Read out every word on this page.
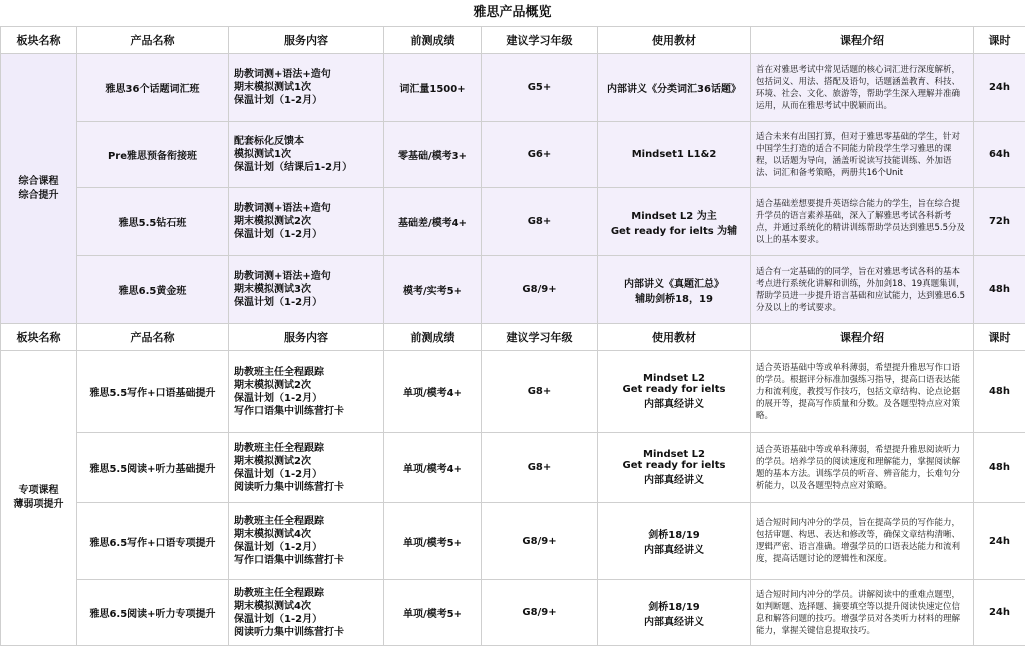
雅思产品概览
板块名称	产品名称	服务内容	前测成绩	建议学习年级	使用教材	课程介绍	课时

综合课程
综合提升	雅思36个话题词汇班	助教词测+语法+造句
期末模拟测试1次
保温计划（1-2月）	词汇量1500+	G5+	内部讲义《分类词汇36话题》	首在对雅思考试中常见话题的核心词汇进行深度解析，包括词义、用法、搭配及语句，话题涵盖教育、科技、环境、社会、文化、旅游等，帮助学生深入理解并准确运用，从而在雅思考试中脱颖而出。	24h
	Pre雅思预备衔接班	配套标化反馈本
模拟测试1次
保温计划（结课后1-2月）	零基础/模考3+	G6+	Mindset1 L1&2	适合未来有出国打算，但对于雅思零基础的学生，针对中国学生打造的适合不同能力阶段学生学习雅思的课程，以话题为导向，涵盖听说读写技能训练、外加语法、词汇和备考策略，两册共16个Unit	64h
	雅思5.5钻石班	助教词测+语法+造句
期末模拟测试2次
保温计划（1-2月）	基础差/模考4+	G8+	Mindset L2 为主
Get ready for ielts 为辅	适合基础差想要提升英语综合能力的学生，旨在综合提升学员的语言素养基础，深入了解雅思考试各科新考点，并通过系统化的精讲训练帮助学员达到雅思5.5分及以上的基本要求。	72h
	雅思6.5黄金班	助教词测+语法+造句
期末模拟测试3次
保温计划（1-2月）	模考/实考5+	G8/9+	内部讲义《真题汇总》
辅助剑桥18，19	适合有一定基础的的同学，旨在对雅思考试各科的基本考点进行系统化讲解和训练，外加剑18、19真题集训，帮助学员进一步提升语言基础和应试能力，达到雅思6.5分及以上的考试要求。	48h
板块名称	产品名称	服务内容	前测成绩	建议学习年级	使用教材	课程介绍	课时

专项课程
薄弱项提升	雅思5.5写作+口语基础提升	助教班主任全程跟踪
期末模拟测试2次
保温计划（1-2月）
写作口语集中训练营打卡	单项/模考4+	G8+	Mindset L2
Get ready for ielts
内部真经讲义	适合英语基础中等或单科薄弱，希望提升雅思写作口语的学员。根据评分标准加强练习指导，提高口语表达能力和流利度，教授写作技巧，包括文章结构、论点论据的展开等，提高写作质量和分数。及各题型特点应对策略。	48h
	雅思5.5阅读+听力基础提升	助教班主任全程跟踪
期末模拟测试2次
保温计划（1-2月）
阅读听力集中训练营打卡	单项/模考4+	G8+	Mindset L2
Get ready for ielts
内部真经讲义	适合英语基础中等或单科薄弱，希望提升雅思阅读听力的学员。培养学员的阅读速度和理解能力，掌握阅读解题的基本方法。训练学员的听音、辨音能力，长难句分析能力，以及各题型特点应对策略。	48h
	雅思6.5写作+口语专项提升	助教班主任全程跟踪
期末模拟测试4次
保温计划（1-2月）
写作口语集中训练营打卡	单项/模考5+	G8/9+	剑桥18/19
内部真经讲义	适合短时间内冲分的学员，旨在提高学员的写作能力，包括审题、构思、表达和修改等，确保文章结构清晰、逻辑严密、语言准确。增强学员的口语表达能力和流利度，提高话题讨论的逻辑性和深度。	24h
	雅思6.5阅读+听力专项提升	助教班主任全程跟踪
期末模拟测试4次
保温计划（1-2月）
阅读听力集中训练营打卡	单项/模考5+	G8/9+	剑桥18/19
内部真经讲义	适合短时间内冲分的学员。讲解阅读中的重难点题型，如判断题、选择题、摘要填空等以提升阅读快速定位信息和解答问题的技巧。增强学员对各类听力材料的理解能力，掌握关键信息提取技巧。	24h
